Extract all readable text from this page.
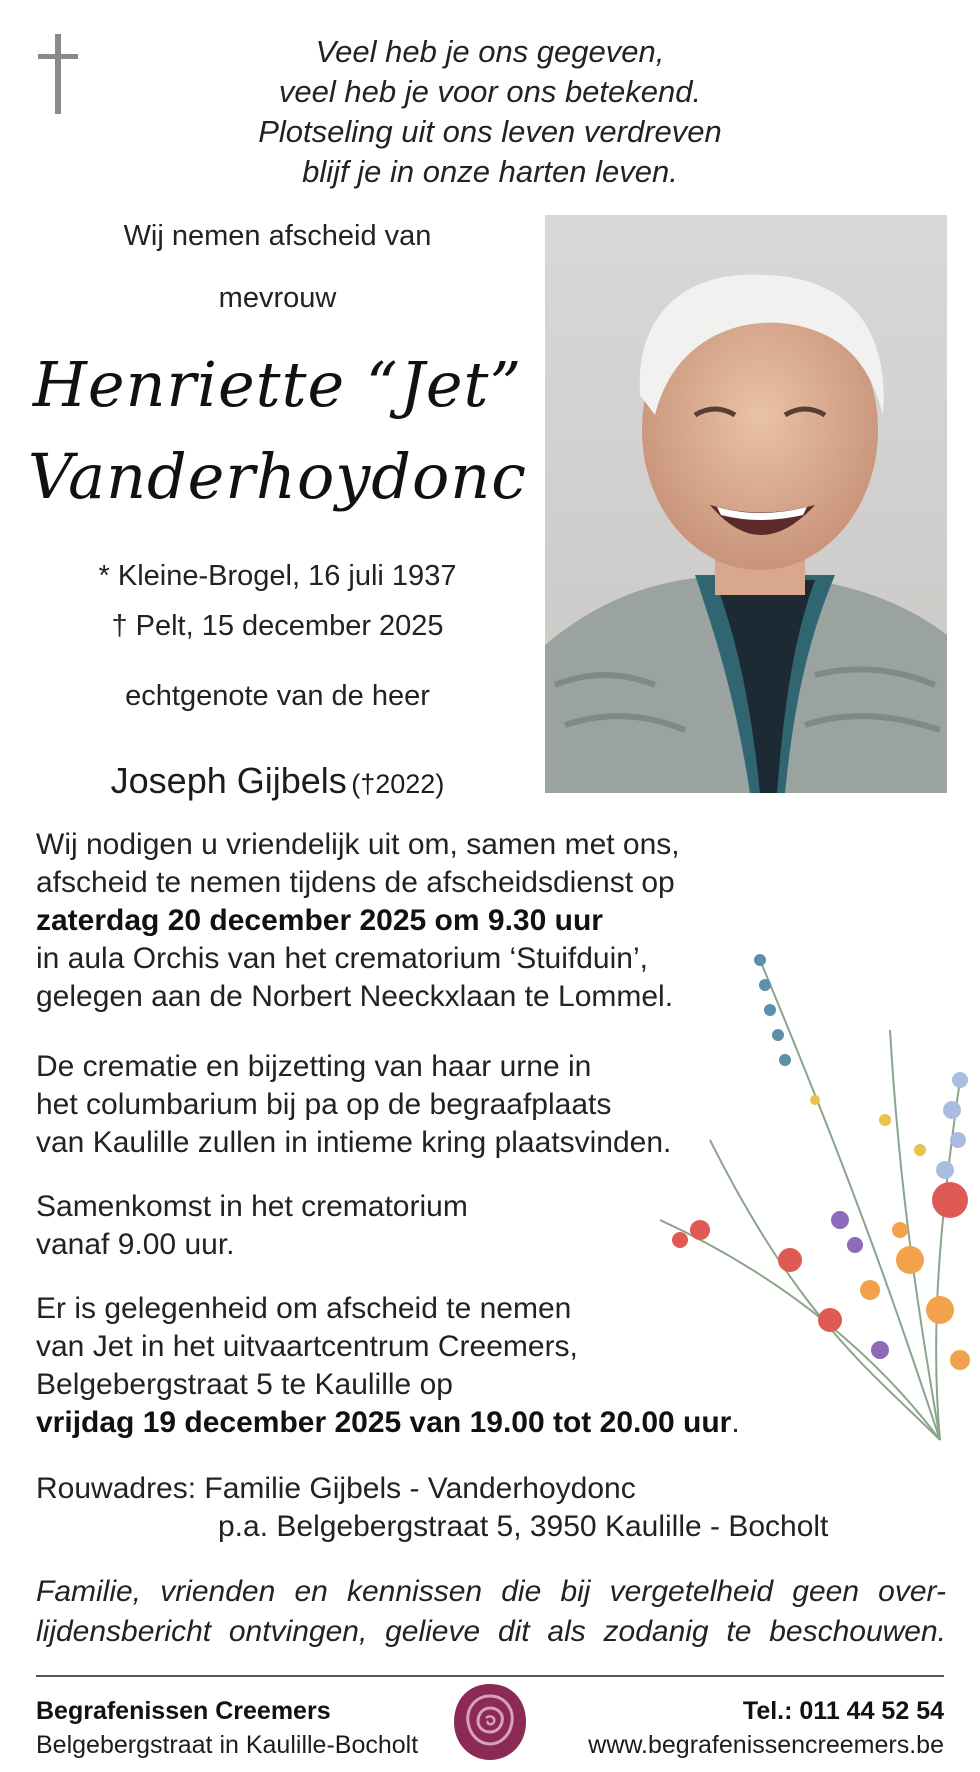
Veel heb je ons gegeven,
veel heb je voor ons betekend.
Plotseling uit ons leven verdreven
blijf je in onze harten leven.
Wij nemen afscheid van
mevrouw
Henriette “Jet”
Vanderhoydonc
* Kleine-Brogel, 16 juli 1937
† Pelt, 15 december 2025
echtgenote van de heer
Joseph Gijbels (†2022)
Wij nodigen u vriendelijk uit om, samen met ons,
afscheid te nemen tijdens de afscheidsdienst op
zaterdag 20 december 2025 om 9.30 uur
in aula Orchis van het crematorium ‘Stuifduin’,
gelegen aan de Norbert Neeckxlaan te Lommel.
De crematie en bijzetting van haar urne in
het columbarium bij pa op de begraafplaats
van Kaulille zullen in intieme kring plaatsvinden.
Samenkomst in het crematorium
vanaf 9.00 uur.
Er is gelegenheid om afscheid te nemen
van Jet in het uitvaartcentrum Creemers,
Belgebergstraat 5 te Kaulille op
vrijdag 19 december 2025 van 19.00 tot 20.00 uur.
Rouwadres: Familie Gijbels - Vanderhoydonc
p.a. Belgebergstraat 5, 3950 Kaulille - Bocholt
Familie, vrienden en kennissen die bij vergetelheid geen over-
lijdensbericht ontvingen, gelieve dit als zodanig te beschouwen.
Begrafenissen Creemers
Belgebergstraat in Kaulille-Bocholt
Tel.: 011 44 52 54
www.begrafenissencreemers.be
